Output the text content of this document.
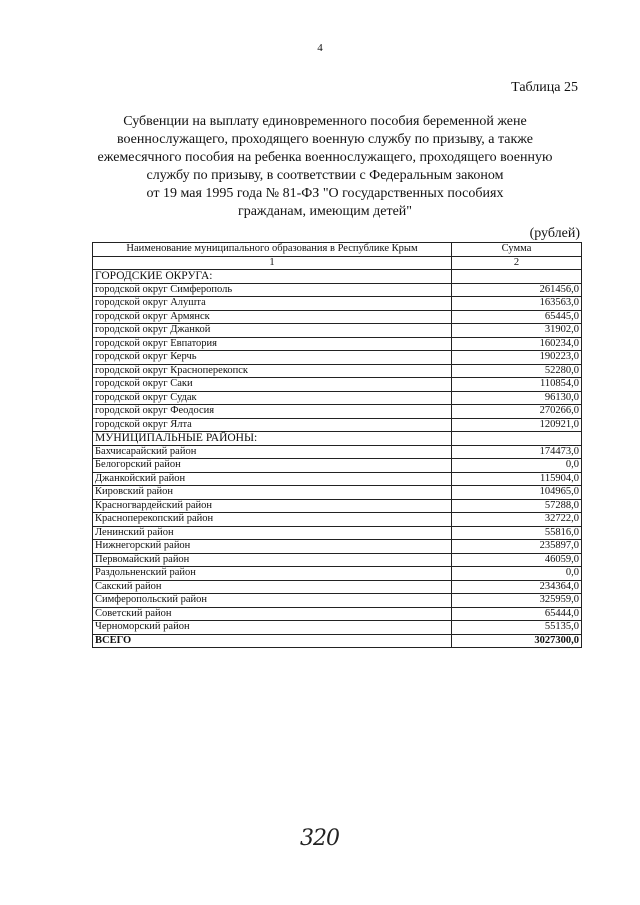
4
Таблица 25
Субвенции на выплату единовременного пособия беременной жене
военнослужащего, проходящего военную службу по призыву, а также
ежемесячного пособия на ребенка военнослужащего, проходящего военную
службу по призыву, в соответствии с Федеральным законом
от 19 мая 1995 года № 81-ФЗ "О государственных пособиях
гражданам, имеющим детей"
(рублей)
Наименование муниципального образования в Республике Крым	Сумма
1	2
ГОРОДСКИЕ ОКРУГА:	
городской округ Симферополь	261456,0
городской округ Алушта	163563,0
городской округ Армянск	65445,0
городской округ Джанкой	31902,0
городской округ Евпатория	160234,0
городской округ Керчь	190223,0
городской округ Красноперекопск	52280,0
городской округ Саки	110854,0
городской округ Судак	96130,0
городской округ Феодосия	270266,0
городской округ Ялта	120921,0
МУНИЦИПАЛЬНЫЕ РАЙОНЫ:	
Бахчисарайский район	174473,0
Белогорский район	0,0
Джанкойский район	115904,0
Кировский район	104965,0
Красногвардейский район	57288,0
Красноперекопский район	32722,0
Ленинский район	55816,0
Нижнегорский район	235897,0
Первомайский район	46059,0
Раздольненский район	0,0
Сакский район	234364,0
Симферопольский район	325959,0
Советский район	65444,0
Черноморский район	55135,0
ВСЕГО	3027300,0
320
